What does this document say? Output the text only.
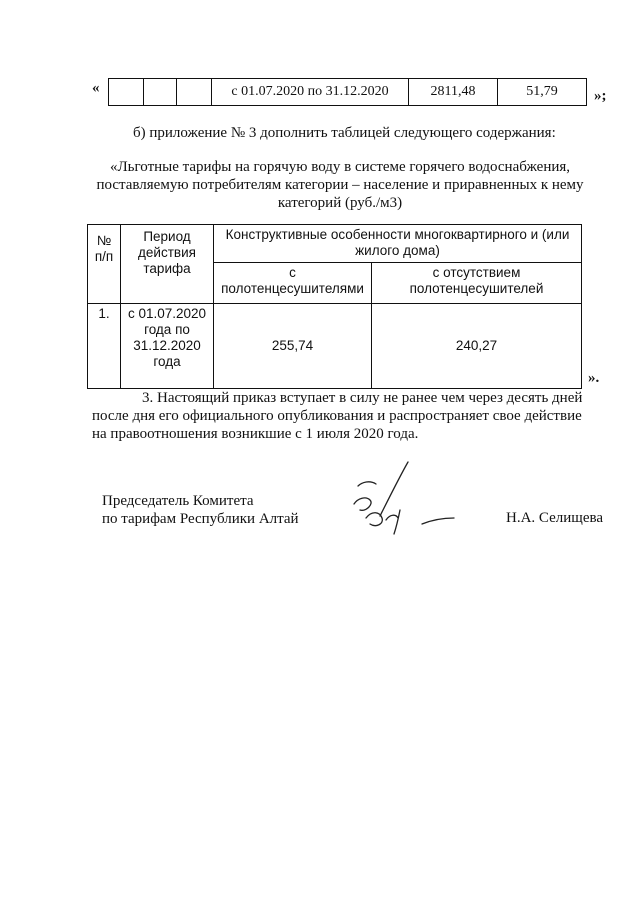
«
				с 01.07.2020 по 31.12.2020	2811,48	51,79 »;
б) приложение № 3 дополнить таблицей следующего содержания:
«Льготные тарифы на горячую воду в системе горячего водоснабжения,
поставляемую потребителям категории – население и приравненных к нему
категорий (руб./м3)
№ п/п	Период действия тарифа	Конструктивные особенности многоквартирного и (или жилого дома)	
		с полотенцесушителями	с отсутствием полотенцесушителей
1.	с 01.07.2020 года по 31.12.2020 года	255,74	240,27
».
3. Настоящий приказ вступает в силу не ранее чем через десять дней
после дня его официального опубликования и распространяет свое действие
на правоотношения возникшие с 1 июля 2020 года.
Председатель Комитета
по тарифам Республики Алтай	Н.А. Селищева
